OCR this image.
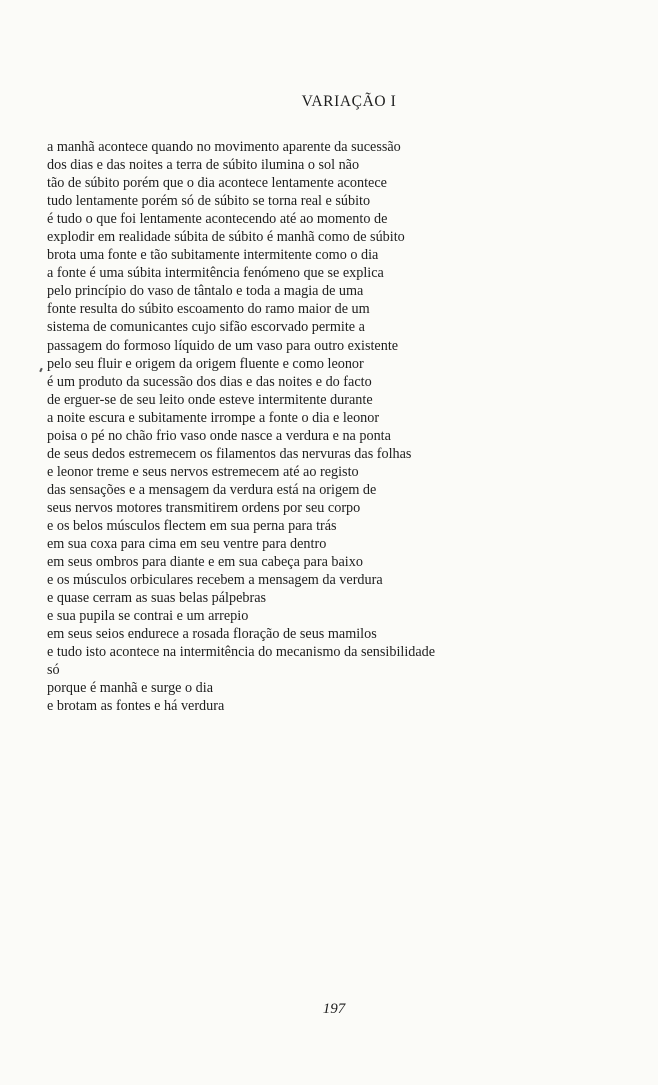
VARIAÇÃO I
a manhã acontece quando no movimento aparente da sucessão
dos dias e das noites a terra de súbito ilumina o sol não
tão de súbito porém que o dia acontece lentamente acontece
tudo lentamente porém só de súbito se torna real e súbito
é tudo o que foi lentamente acontecendo até ao momento de
explodir em realidade súbita de súbito é manhã como de súbito
brota uma fonte e tão subitamente intermitente como o dia
a fonte é uma súbita intermitência fenómeno que se explica
pelo princípio do vaso de tântalo e toda a magia de uma
fonte resulta do súbito escoamento do ramo maior de um
sistema de comunicantes cujo sifão escorvado permite a
passagem do formoso líquido de um vaso para outro existente
pelo seu fluir e origem da origem fluente e como leonor
é um produto da sucessão dos dias e das noites e do facto
de erguer-se de seu leito onde esteve intermitente durante
a noite escura e subitamente irrompe a fonte o dia e leonor
poisa o pé no chão frio vaso onde nasce a verdura e na ponta
de seus dedos estremecem os filamentos das nervuras das folhas
e leonor treme e seus nervos estremecem até ao registo
das sensações e a mensagem da verdura está na origem de
seus nervos motores transmitirem ordens por seu corpo
e os belos músculos flectem em sua perna para trás
em sua coxa para cima em seu ventre para dentro
em seus ombros para diante e em sua cabeça para baixo
e os músculos orbiculares recebem a mensagem da verdura
e quase cerram as suas belas pálpebras
e sua pupila se contrai e um arrepio
em seus seios endurece a rosada floração de seus mamilos
e tudo isto acontece na intermitência do mecanismo da sensibilidade
só
porque é manhã e surge o dia
e brotam as fontes e há verdura
197
